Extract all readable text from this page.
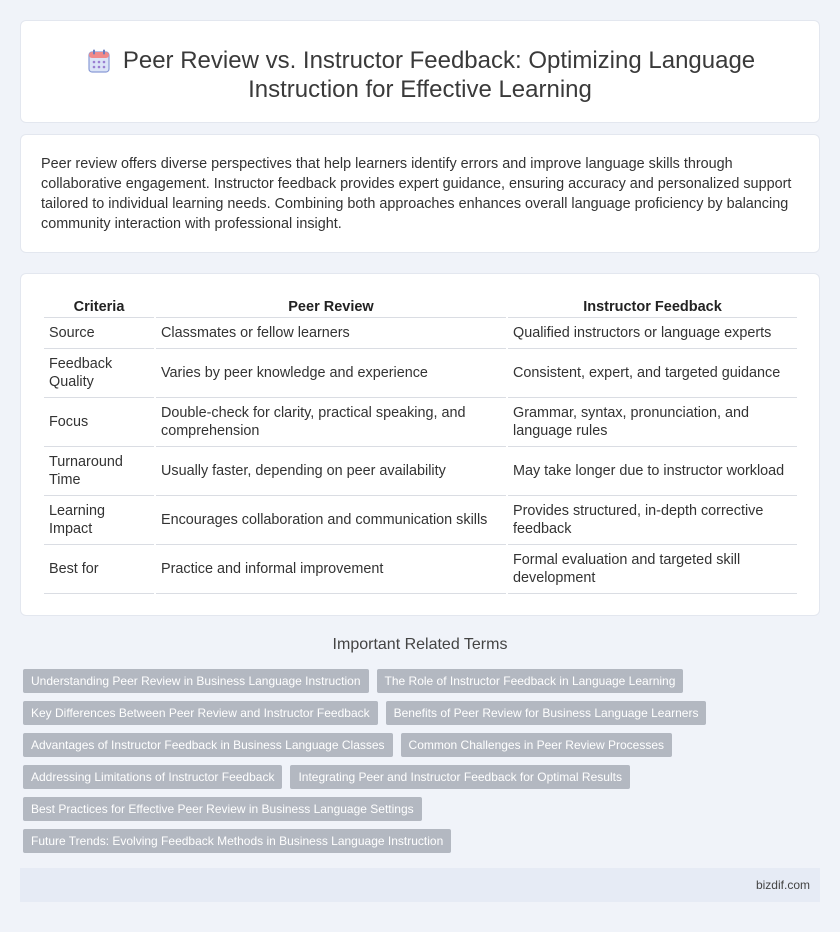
Peer Review vs. Instructor Feedback: Optimizing Language
Instruction for Effective Learning

Peer review offers diverse perspectives that help learners identify errors and improve language skills through collaborative engagement. Instructor feedback provides expert guidance, ensuring accuracy and personalized support tailored to individual learning needs. Combining both approaches enhances overall language proficiency by balancing community interaction with professional insight.

Criteria	Peer Review	Instructor Feedback
Source	Classmates or fellow learners	Qualified instructors or language experts
Feedback Quality	Varies by peer knowledge and experience	Consistent, expert, and targeted guidance
Focus	Double-check for clarity, practical speaking, and comprehension	Grammar, syntax, pronunciation, and language rules
Turnaround Time	Usually faster, depending on peer availability	May take longer due to instructor workload
Learning Impact	Encourages collaboration and communication skills	Provides structured, in-depth corrective feedback
Best for	Practice and informal improvement	Formal evaluation and targeted skill development
Important Related Terms
Understanding Peer Review in Business Language Instruction	The Role of Instructor Feedback in Language Learning
Key Differences Between Peer Review and Instructor Feedback	Benefits of Peer Review for Business Language Learners
Advantages of Instructor Feedback in Business Language Classes	Common Challenges in Peer Review Processes
Addressing Limitations of Instructor Feedback	Integrating Peer and Instructor Feedback for Optimal Results
Best Practices for Effective Peer Review in Business Language Settings
Future Trends: Evolving Feedback Methods in Business Language Instruction
bizdif.com
